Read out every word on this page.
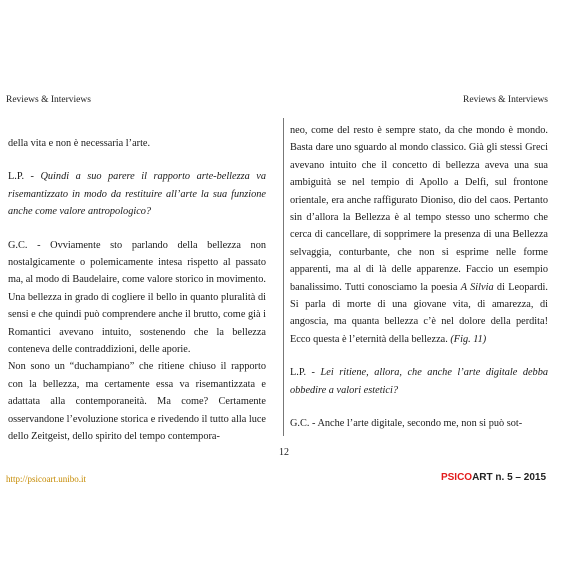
Reviews & Interviews	Reviews & Interviews

della vita e non è necessaria l’arte.

L.P. - Quindi a suo parere il rapporto arte-bellezza va risemantizzato in modo da restituire all’arte la sua funzione anche come valore antropologico?

G.C. - Ovviamente sto parlando della bellezza non nostalgicamente o polemicamente intesa rispetto al passato ma, al modo di Baudelaire, come valore storico in movimento. Una bellezza in grado di cogliere il bello in quanto pluralità di sensi e che quindi può comprendere anche il brutto, come già i Romantici avevano intuito, sostenendo che la bellezza conteneva delle contraddizioni, delle aporie.

Non sono un “duchampiano” che ritiene chiuso il rapporto con la bellezza, ma certamente essa va risemantizzata e adattata alla contemporaneità. Ma come? Certamente osservandone l’evoluzione storica e rivedendo il tutto alla luce dello Zeitgeist, dello spirito del tempo contempora-

neo, come del resto è sempre stato, da che mondo è mondo. Basta dare uno sguardo al mondo classico. Già gli stessi Greci avevano intuito che il concetto di bellezza aveva una sua ambiguità se nel tempio di Apollo a Delfi, sul frontone orientale, era anche raffigurato Dioniso, dio del caos. Pertanto sin d’allora la Bellezza è al tempo stesso uno schermo che cerca di cancellare, di sopprimere la presenza di una Bellezza selvaggia, conturbante, che non si esprime nelle forme apparenti, ma al di là delle apparenze. Faccio un esempio banalissimo. Tutti conosciamo la poesia A Silvia di Leopardi. Si parla di morte di una giovane vita, di amarezza, di angoscia, ma quanta bellezza c’è nel dolore della perdita! Ecco questa è l’eternità della bellezza. (Fig. 11)

L.P. - Lei ritiene, allora, che anche l’arte digitale debba obbedire a valori estetici?

G.C. - Anche l’arte digitale, secondo me, non si può sot-

12
http://psicoart.unibo.it	PSICOART n. 5 – 2015
